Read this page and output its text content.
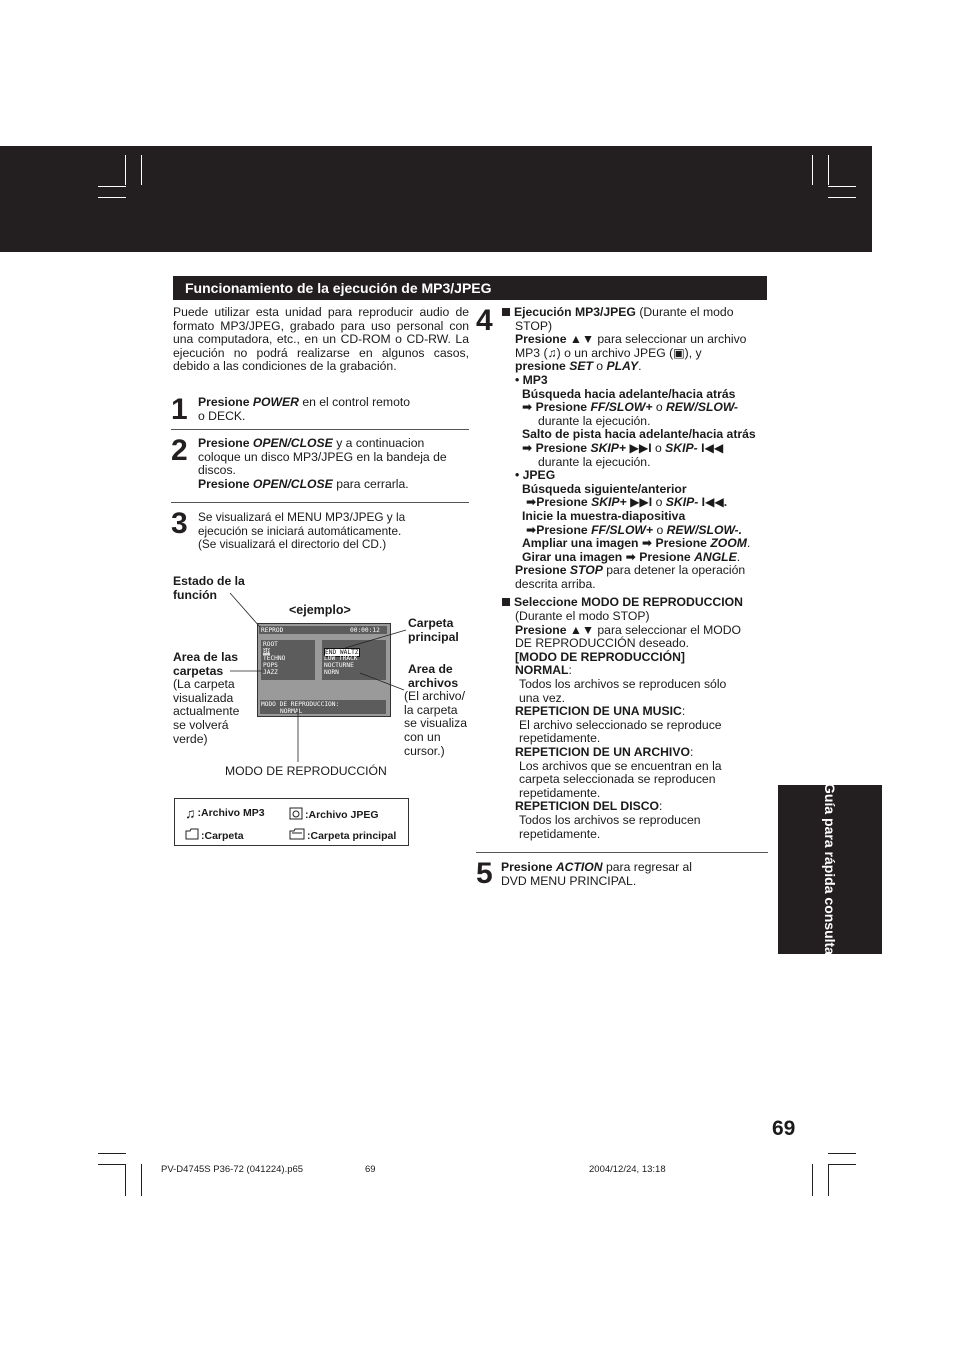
Funcionamiento de la ejecución de MP3/JPEG
Puede utilizar esta unidad para reproducir audio de formato MP3/JPEG, grabado para uso personal con una computadora, etc., en un CD-ROM o CD-RW. La ejecución no podrá realizarse en algunos casos, debido a las condiciones de la grabación.
1 Presione POWER en el control remoto
o DECK.
2 Presione OPEN/CLOSE y a continuacion
coloque un disco MP3/JPEG en la bandeja de
discos.
Presione OPEN/CLOSE para cerrarla.
3 Se visualizará el MENU MP3/JPEG y la
ejecución se iniciará automáticamente.
(Se visualizará el directorio del CD.)
Estado de la
función
<ejemplo>
Carpeta
principal
Area de las
carpetas
(La carpeta
visualizada
actualmente
se volverá
verde)
Area de
archivos
(El archivo/
la carpeta
se visualiza
con un
cursor.)
MODO DE REPRODUCCIÓN
REPROD	00:00:12
ROOT
BR
TECHNO
POPS
JAZZ
END WALTZ
LOW TRACK
NOCTURNE
NORN
MODO DE REPRODUCCION:
NORMAL
♫ :Archivo MP3	:Archivo JPEG
:Carpeta	:Carpeta principal
4	Ejecución MP3/JPEG (Durante el modo
STOP)
Presione ▲▼ para seleccionar un archivo
MP3 (♫) o un archivo JPEG (▣), y
presione SET o PLAY.
• MP3
Búsqueda hacia adelante/hacia atrás
➡ Presione FF/SLOW+ o REW/SLOW-
durante la ejecución.
Salto de pista hacia adelante/hacia atrás
➡ Presione SKIP+ ▶▶I o SKIP- I◀◀
durante la ejecución.
• JPEG
Búsqueda siguiente/anterior
➡Presione SKIP+ ▶▶I o SKIP- I◀◀.
Inicie la muestra-diapositiva
➡Presione FF/SLOW+ o REW/SLOW-.
Ampliar una imagen ➡ Presione ZOOM.
Girar una imagen ➡ Presione ANGLE.
Presione STOP para detener la operación
descrita arriba.
Seleccione MODO DE REPRODUCCION
(Durante el modo STOP)
Presione ▲▼ para seleccionar el MODO
DE REPRODUCCIÓN deseado.
[MODO DE REPRODUCCIÓN]
NORMAL:
Todos los archivos se reproducen sólo
una vez.
REPETICION DE UNA MUSIC:
El archivo seleccionado se reproduce
repetidamente.
REPETICION DE UN ARCHIVO:
Los archivos que se encuentran en la
carpeta seleccionada se reproducen
repetidamente.
REPETICION DEL DISCO:
Todos los archivos se reproducen
repetidamente.
5 Presione ACTION para regresar al
DVD MENU PRINCIPAL.	Guía para rápida consulta
69
PV-D4745S P36-72 (041224).p65	69	2004/12/24, 13:18
